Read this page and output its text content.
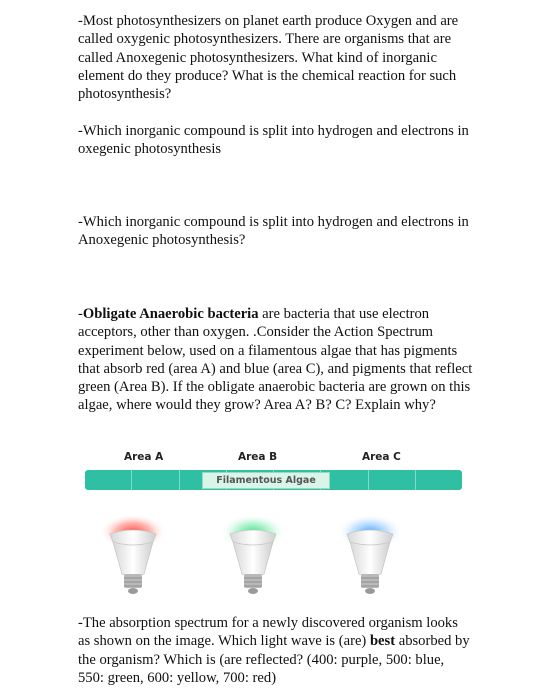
-Most photosynthesizers on planet earth produce Oxygen and are called oxygenic photosynthesizers. There are organisms that are called Anoxegenic photosynthesizers. What kind of inorganic element do they produce? What is the chemical reaction for such photosynthesis?
-Which inorganic compound is split into hydrogen and electrons in oxegenic photosynthesis
-Which inorganic compound is split into hydrogen and electrons in Anoxegenic photosynthesis?
-Obligate Anaerobic bacteria are bacteria that use electron acceptors, other than oxygen. .Consider the Action Spectrum experiment below, used on a filamentous algae that has pigments that absorb red (area A) and blue (area C), and pigments that reflect green (Area B). If the obligate anaerobic bacteria are grown on this algae, where would they grow? Area A? B? C? Explain why?
Area A	Area B	Area C
Filamentous Algae
-The absorption spectrum for a newly discovered organism looks as shown on the image. Which light wave is (are) best absorbed by the organism? Which is (are reflected? (400: purple, 500: blue, 550: green, 600: yellow, 700: red)
